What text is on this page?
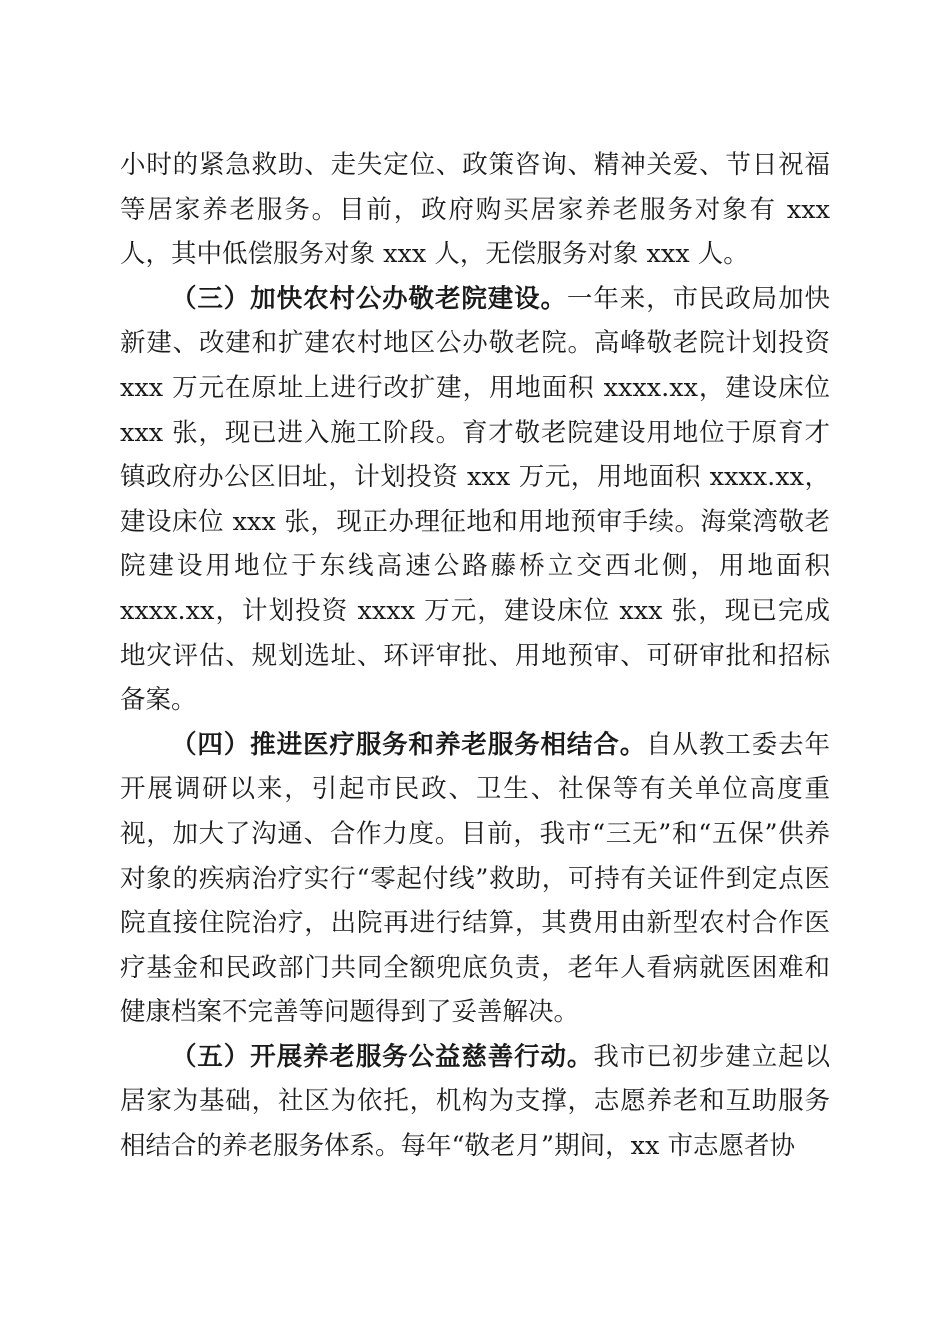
小时的紧急救助、走失定位、政策咨询、精神关爱、节日祝福等居家养老服务。目前，政府购买居家养老服务对象有 xxx 人，其中低偿服务对象 xxx 人，无偿服务对象 xxx 人。

（三）加快农村公办敬老院建设。一年来，市民政局加快新建、改建和扩建农村地区公办敬老院。高峰敬老院计划投资 xxx 万元在原址上进行改扩建，用地面积 xxxx.xx，建设床位 xxx 张，现已进入施工阶段。育才敬老院建设用地位于原育才镇政府办公区旧址，计划投资 xxx 万元，用地面积 xxxx.xx，建设床位 xxx 张，现正办理征地和用地预审手续。海棠湾敬老院建设用地位于东线高速公路藤桥立交西北侧，用地面积 xxxx.xx，计划投资 xxxx 万元，建设床位 xxx 张，现已完成地灾评估、规划选址、环评审批、用地预审、可研审批和招标备案。

（四）推进医疗服务和养老服务相结合。自从教工委去年开展调研以来，引起市民政、卫生、社保等有关单位高度重视，加大了沟通、合作力度。目前，我市“三无”和“五保”供养对象的疾病治疗实行“零起付线”救助，可持有关证件到定点医院直接住院治疗，出院再进行结算，其费用由新型农村合作医疗基金和民政部门共同全额兜底负责，老年人看病就医困难和健康档案不完善等问题得到了妥善解决。

（五）开展养老服务公益慈善行动。我市已初步建立起以居家为基础，社区为依托，机构为支撑，志愿养老和互助服务相结合的养老服务体系。每年“敬老月”期间，xx 市志愿者协
